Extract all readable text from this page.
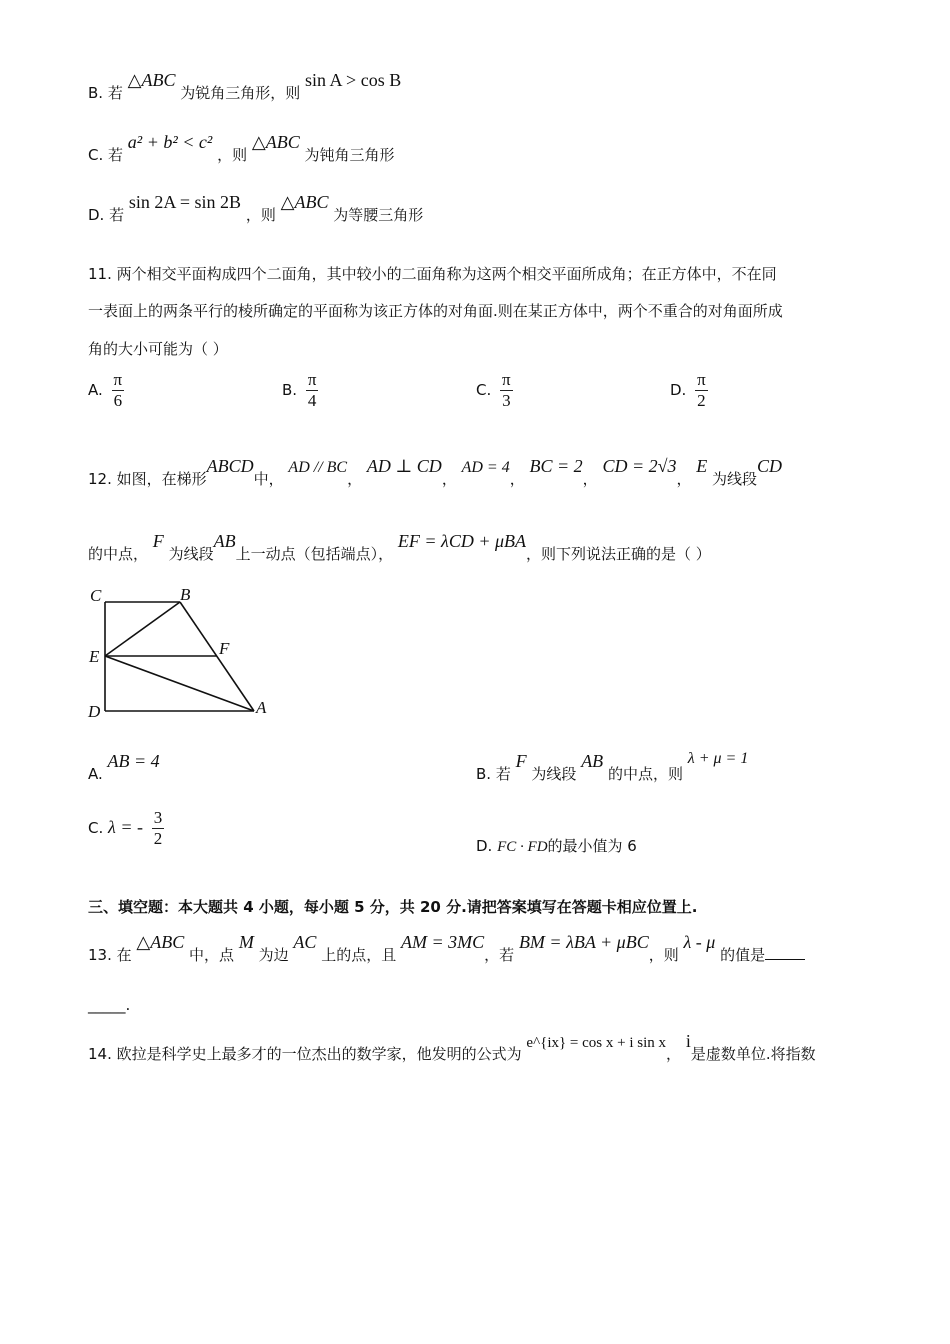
B. 若 △ABC 为锐角三角形，则 sin A > cos B
C. 若 a² + b² < c² ，则 △ABC 为钝角三角形
D. 若 sin 2A = sin 2B ，则 △ABC 为等腰三角形
11. 两个相交平面构成四个二面角，其中较小的二面角称为这两个相交平面所成角；在正方体中，不在同
一表面上的两条平行的棱所确定的平面称为该正方体的对角面.则在某正方体中，两个不重合的对角面所成
角的大小可能为（ ）
A. $\frac{\pi}{6}$	B. $\frac{\pi}{4}$	C. $\frac{\pi}{3}$	D. $\frac{\pi}{2}$
12. 如图，在梯形ABCD中， AD // BC， AD ⊥ CD， AD = 4， BC = 2， CD = 2√3， E 为线段CD
的中点， F 为线段AB上一动点（包括端点）， EF = λCD + μBA，则下列说法正确的是（ ）
C	B
E	F
D	A
A. AB = 4
B. 若 F 为线段 AB 的中点，则 λ + μ = 1
C. λ = - $\frac{3}{2}$	D. FC · FD的最小值为 6
三、填空题：本大题共 4 小题，每小题 5 分，共 20 分.请把答案填写在答题卡相应位置上.
13. 在 △ABC 中，点 M 为边 AC 上的点，且 AM = 3MC，若 BM = λBA + μBC，则 λ - μ 的值是
_____.
14. 欧拉是科学史上最多才的一位杰出的数学家，他发明的公式为 e^{ix} = cos x + i sin x， i是虚数单位.将指数
